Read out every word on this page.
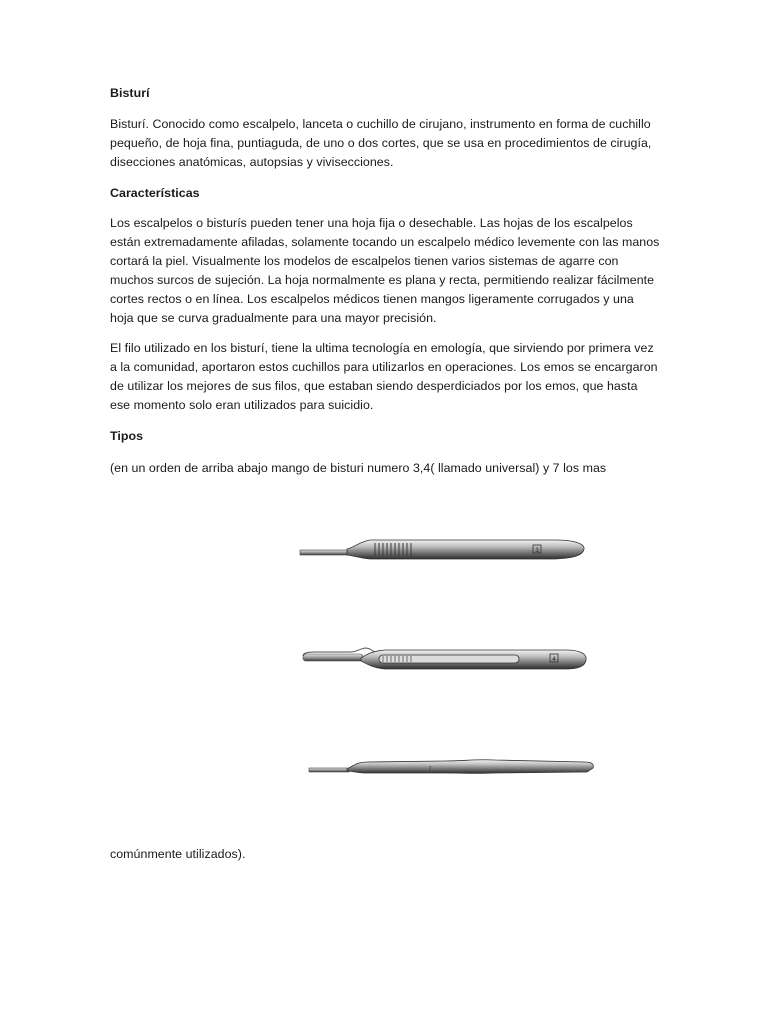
Bisturí

Bisturí. Conocido como escalpelo, lanceta o cuchillo de cirujano, instrumento en forma de cuchillo pequeño, de hoja fina, puntiaguda, de uno o dos cortes, que se usa en procedimientos de cirugía, disecciones anatómicas, autopsias y vivisecciones.

Características

Los escalpelos o bisturís pueden tener una hoja fija o desechable. Las hojas de los escalpelos están extremadamente afiladas, solamente tocando un escalpelo médico levemente con las manos cortará la piel. Visualmente los modelos de escalpelos tienen varios sistemas de agarre con muchos surcos de sujeción. La hoja normalmente es plana y recta, permitiendo realizar fácilmente cortes rectos o en línea. Los escalpelos médicos tienen mangos ligeramente corrugados y una hoja que se curva gradualmente para una mayor precisión.

El filo utilizado en los bisturí, tiene la ultima tecnología en emología, que sirviendo por primera vez a la comunidad, aportaron estos cuchillos para utilizarlos en operaciones. Los emos se encargaron de utilizar los mejores de sus filos, que estaban siendo desperdiciados por los emos, que hasta ese momento solo eran utilizados para suicidio.

Tipos

(en un orden de arriba abajo mango de bisturi numero 3,4( llamado universal) y 7 los mas

3
4
7

comúnmente utilizados).
